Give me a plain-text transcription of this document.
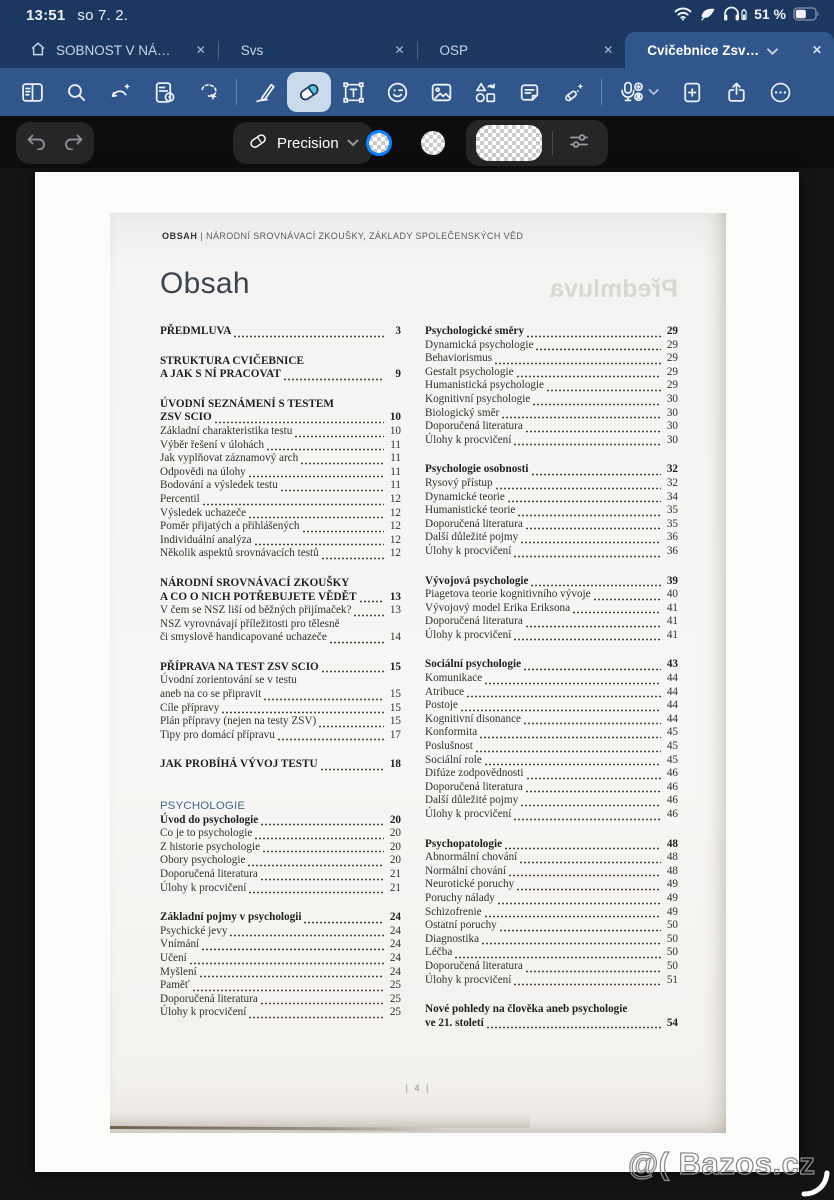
13:51 so 7. 2.	51 %
SOBNOST V NÁ…	✕	Svs	✕	OSP	✕	Cvičebnice Zsv…	✕
Precision
OBSAH | NÁRODNÍ SROVNÁVACÍ ZKOUŠKY, ZÁKLADY SPOLEČENSKÝCH VĚD
Předmluva
Obsah
PŘEDMLUVA	3
STRUKTURA CVIČEBNICE
A JAK S NÍ PRACOVAT	9
ÚVODNÍ SEZNÁMENÍ S TESTEM
ZSV SCIO	10
Základní charakteristika testu	10
Výběr řešení v úlohách	11
Jak vyplňovat záznamový arch	11
Odpovědi na úlohy	11
Bodování a výsledek testu	11
Percentil	12
Výsledek uchazeče	12
Poměr přijatých a přihlášených	12
Individuální analýza	12
Několik aspektů srovnávacích testů	12
NÁRODNÍ SROVNÁVACÍ ZKOUŠKY
A CO O NICH POTŘEBUJETE VĚDĚT	13
V čem se NSZ liší od běžných přijímaček?	13
NSZ vyrovnávají příležitosti pro tělesně
či smyslově handicapované uchazeče	14
PŘÍPRAVA NA TEST ZSV SCIO	15
Úvodní zorientování se v testu
aneb na co se připravit	15
Cíle přípravy	15
Plán přípravy (nejen na testy ZSV)	15
Tipy pro domácí přípravu	17
JAK PROBÍHÁ VÝVOJ TESTU	18
PSYCHOLOGIE
Úvod do psychologie	20
Co je to psychologie	20
Z historie psychologie	20
Obory psychologie	20
Doporučená literatura	21
Úlohy k procvičení	21
Základní pojmy v psychologii	24
Psychické jevy	24
Vnímání	24
Učení	24
Myšlení	24
Paměť	25
Doporučená literatura	25
Úlohy k procvičení	25
Psychologické směry	29
Dynamická psychologie	29
Behaviorismus	29
Gestalt psychologie	29
Humanistická psychologie	29
Kognitivní psychologie	30
Biologický směr	30
Doporučená literatura	30
Úlohy k procvičení	30
Psychologie osobnosti	32
Rysový přístup	32
Dynamické teorie	34
Humanistické teorie	35
Doporučená literatura	35
Další důležité pojmy	36
Úlohy k procvičení	36
Vývojová psychologie	39
Piagetova teorie kognitivního vývoje	40
Vývojový model Erika Eriksona	41
Doporučená literatura	41
Úlohy k procvičení	41
Sociální psychologie	43
Komunikace	44
Atribuce	44
Postoje	44
Kognitivní disonance	44
Konformita	45
Poslušnost	45
Sociální role	45
Difúze zodpovědnosti	46
Doporučená literatura	46
Další důležité pojmy	46
Úlohy k procvičení	46
Psychopatologie	48
Abnormální chování	48
Normální chování	48
Neurotické poruchy	49
Poruchy nálady	49
Schizofrenie	49
Ostatní poruchy	50
Diagnostika	50
Léčba	50
Doporučená literatura	50
Úlohy k procvičení	51
Nové pohledy na člověka aneb psychologie
ve 21. století	54
| 4 |
@( Bazos.cz
